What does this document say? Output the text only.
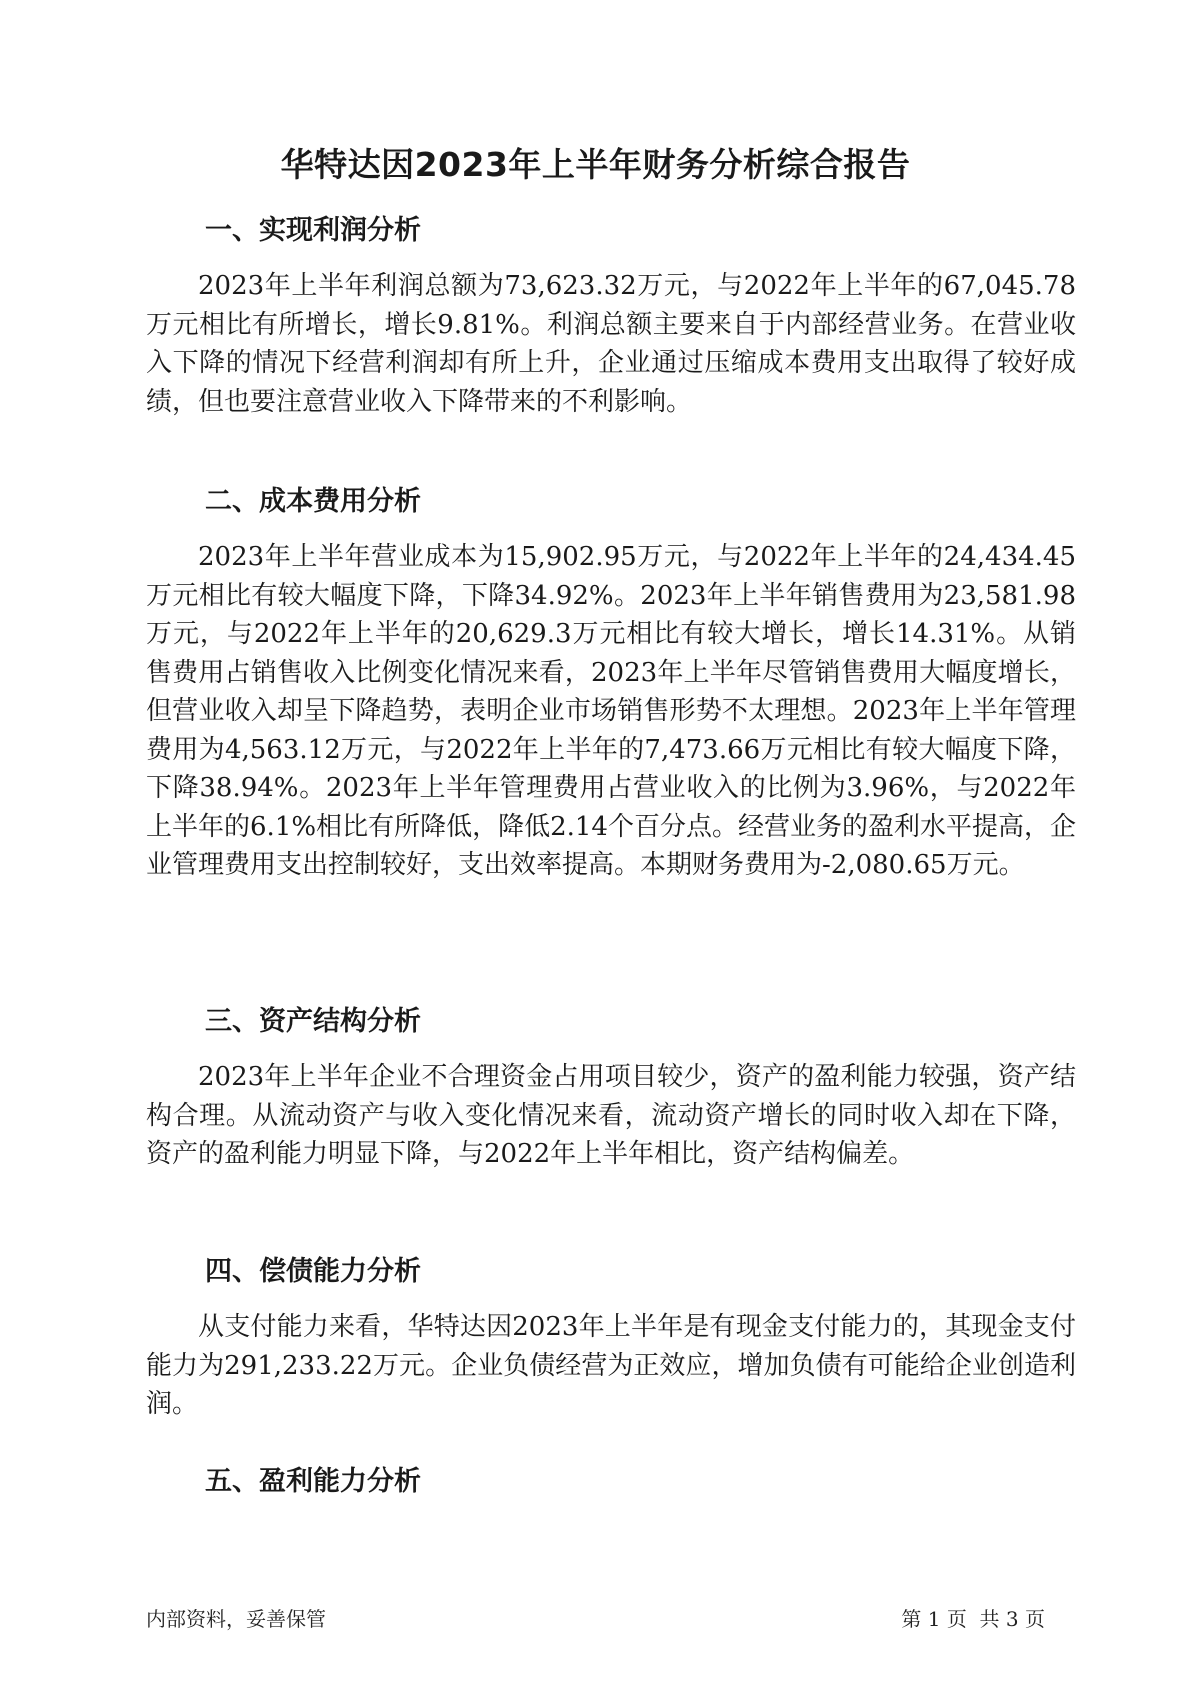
华特达因2023年上半年财务分析综合报告
一、实现利润分析

2023年上半年利润总额为73,623.32万元，与2022年上半年的67,045.78万元相比有所增长，增长9.81%。利润总额主要来自于内部经营业务。在营业收入下降的情况下经营利润却有所上升，企业通过压缩成本费用支出取得了较好成绩，但也要注意营业收入下降带来的不利影响。

二、成本费用分析

2023年上半年营业成本为15,902.95万元，与2022年上半年的24,434.45万元相比有较大幅度下降，下降34.92%。2023年上半年销售费用为23,581.98万元，与2022年上半年的20,629.3万元相比有较大增长，增长14.31%。从销售费用占销售收入比例变化情况来看，2023年上半年尽管销售费用大幅度增长，但营业收入却呈下降趋势，表明企业市场销售形势不太理想。2023年上半年管理费用为4,563.12万元，与2022年上半年的7,473.66万元相比有较大幅度下降，下降38.94%。2023年上半年管理费用占营业收入的比例为3.96%，与2022年上半年的6.1%相比有所降低，降低2.14个百分点。经营业务的盈利水平提高，企业管理费用支出控制较好，支出效率提高。本期财务费用为-2,080.65万元。

三、资产结构分析

2023年上半年企业不合理资金占用项目较少，资产的盈利能力较强，资产结构合理。从流动资产与收入变化情况来看，流动资产增长的同时收入却在下降，资产的盈利能力明显下降，与2022年上半年相比，资产结构偏差。

四、偿债能力分析

从支付能力来看，华特达因2023年上半年是有现金支付能力的，其现金支付能力为291,233.22万元。企业负债经营为正效应，增加负债有可能给企业创造利润。

五、盈利能力分析

内部资料，妥善保管	第 1 页  共 3 页
